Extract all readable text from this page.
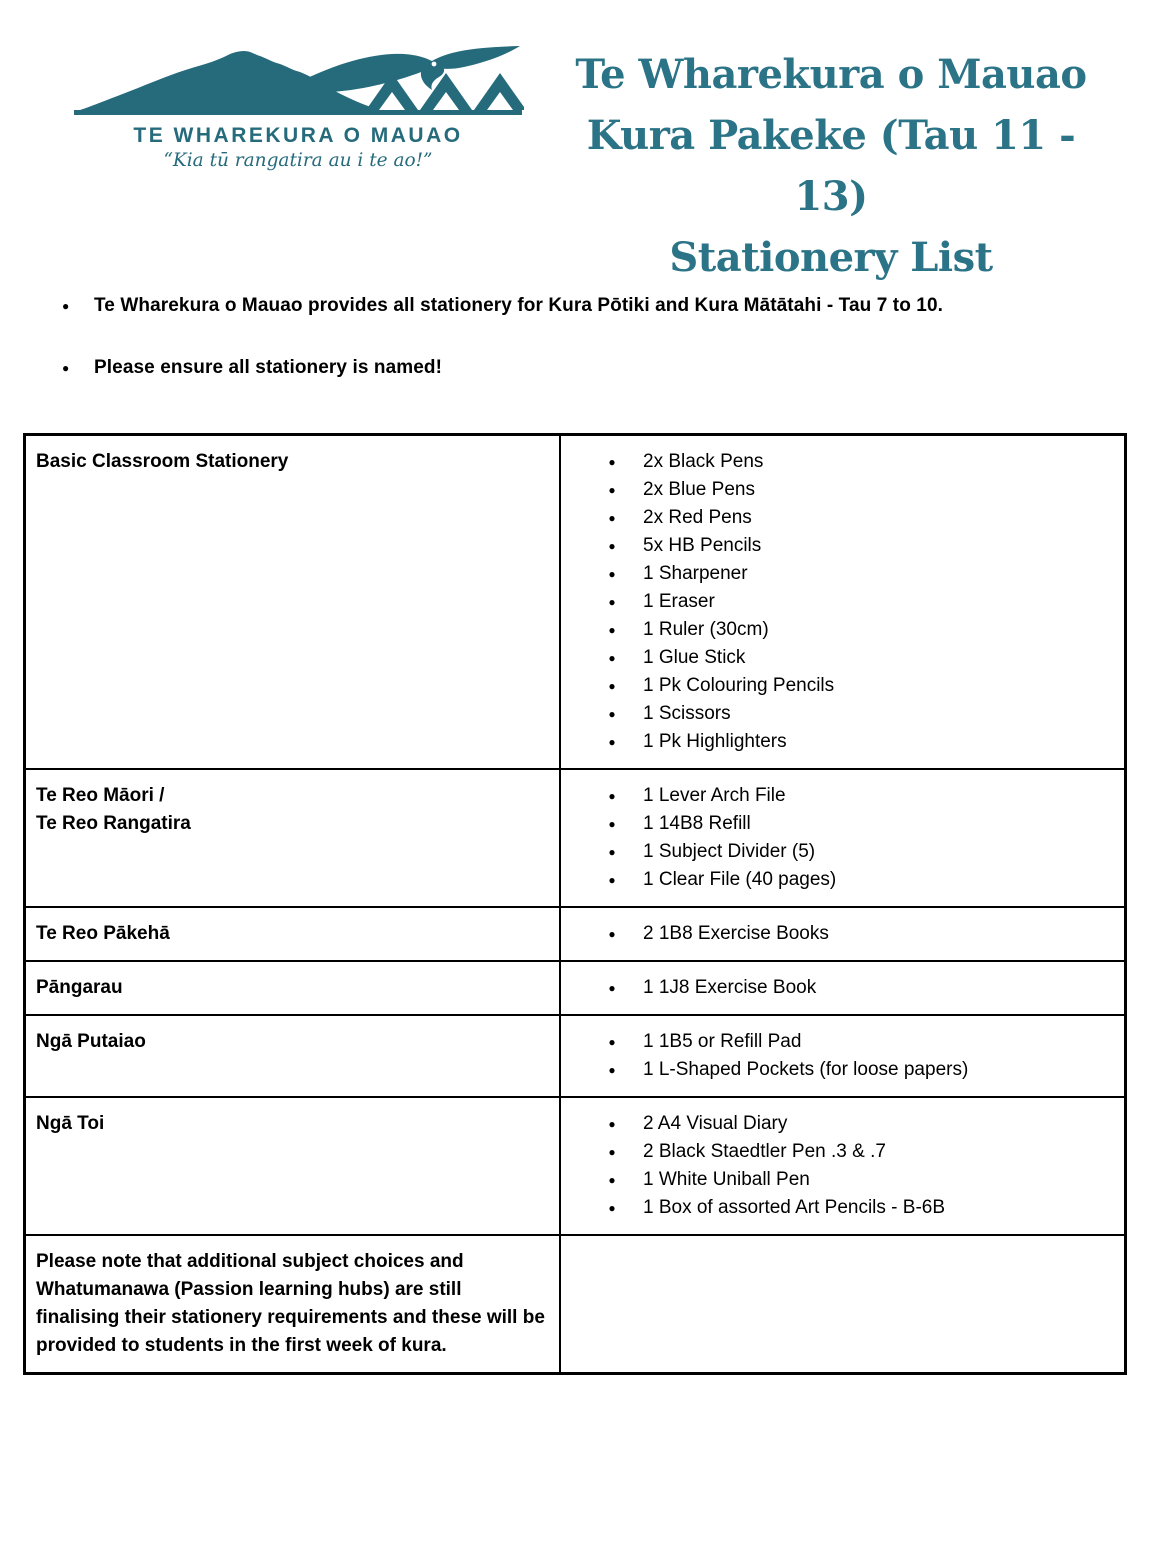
TE WHAREKURA O MAUAO
“Kia tū rangatira au i te ao!”
Te Wharekura o Mauao
Kura Pakeke (Tau 11 - 13)
Stationery List
●	Te Wharekura o Mauao provides all stationery for Kura Pōtiki and Kura Mātātahi - Tau 7 to 10.
●	Please ensure all stationery is named!
Basic Classroom Stationery	● 2x Black Pens
● 2x Blue Pens
● 2x Red Pens
● 5x HB Pencils
● 1 Sharpener
● 1 Eraser
● 1 Ruler (30cm)
● 1 Glue Stick
● 1 Pk Colouring Pencils
● 1 Scissors
● 1 Pk Highlighters
Te Reo Māori /
Te Reo Rangatira
● 1 Lever Arch File
● 1 14B8 Refill
● 1 Subject Divider (5)
● 1 Clear File (40 pages)
Te Reo Pākehā	● 2 1B8 Exercise Books
Pāngarau	● 1 1J8 Exercise Book
Ngā Putaiao	● 1 1B5 or Refill Pad
● 1 L-Shaped Pockets (for loose papers)
Ngā Toi	● 2 A4 Visual Diary
● 2 Black Staedtler Pen .3 & .7
● 1 White Uniball Pen
● 1 Box of assorted Art Pencils - B-6B
Please note that additional subject choices and Whatumanawa (Passion learning hubs) are still finalising their stationery requirements and these will be provided to students in the first week of kura.
